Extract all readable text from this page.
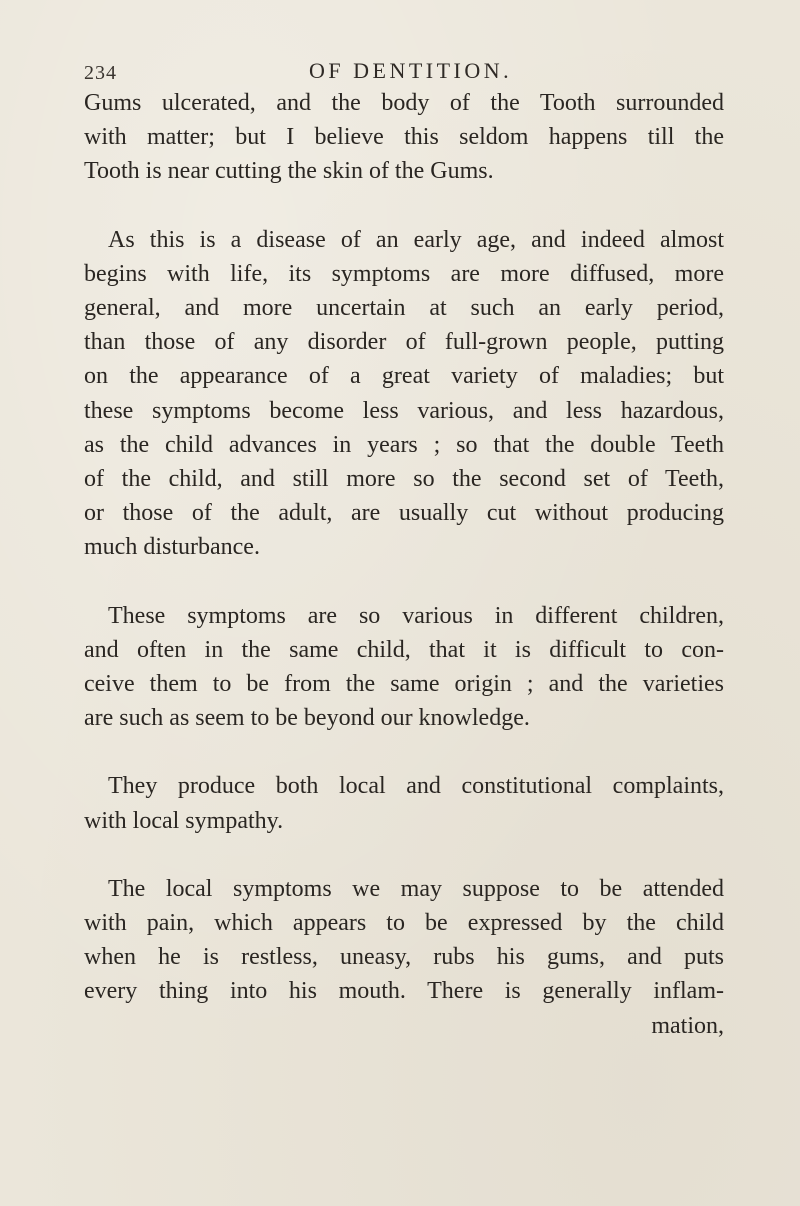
234	OF DENTITION.

Gums ulcerated, and the body of the Tooth surrounded
with matter; but I believe this seldom happens till the
Tooth is near cutting the skin of the Gums.

As this is a disease of an early age, and indeed almost
begins with life, its symptoms are more diffused, more
general, and more uncertain at such an early period,
than those of any disorder of full-grown people, putting
on the appearance of a great variety of maladies; but
these symptoms become less various, and less hazardous,
as the child advances in years ; so that the double Teeth
of the child, and still more so the second set of Teeth,
or those of the adult, are usually cut without producing
much disturbance.

These symptoms are so various in different children,
and often in the same child, that it is difficult to con-
ceive them to be from the same origin ; and the varieties
are such as seem to be beyond our knowledge.

They produce both local and constitutional complaints,
with local sympathy.

The local symptoms we may suppose to be attended
with pain, which appears to be expressed by the child
when he is restless, uneasy, rubs his gums, and puts
every thing into his mouth. There is generally inflam-
mation,
